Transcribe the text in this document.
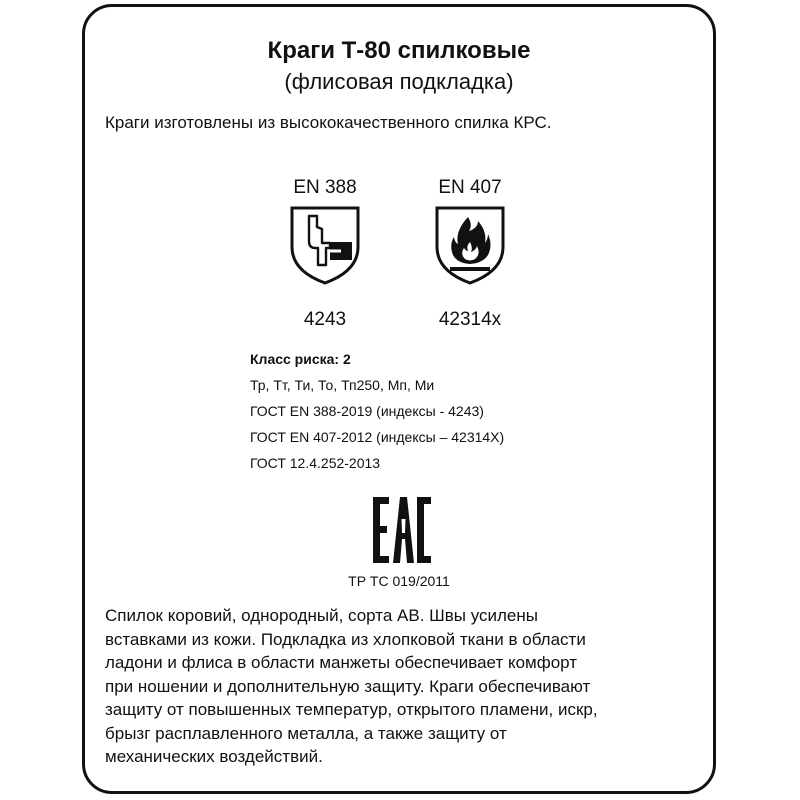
Краги Т-80 спилковые

(флисовая подкладка)

Краги изготовлены из высококачественного спилка КРС.

EN 388
4243
EN 407
42314x
Класс риска: 2
Тр, Тт, Ти, То, Тп250, Мп, Ми
ГОСТ EN 388-2019 (индексы - 4243)
ГОСТ EN 407-2012 (индексы – 42314X)
ГОСТ 12.4.252-2013
ТР ТС 019/2011
Спилок коровий, однородный, сорта АВ. Швы усилены
вставками из кожи. Подкладка из хлопковой ткани в области
ладони и флиса в области манжеты обеспечивает комфорт
при ношении и дополнительную защиту. Краги обеспечивают
защиту от повышенных температур, открытого пламени, искр,
брызг расплавленного металла, а также защиту от
механических воздействий.
